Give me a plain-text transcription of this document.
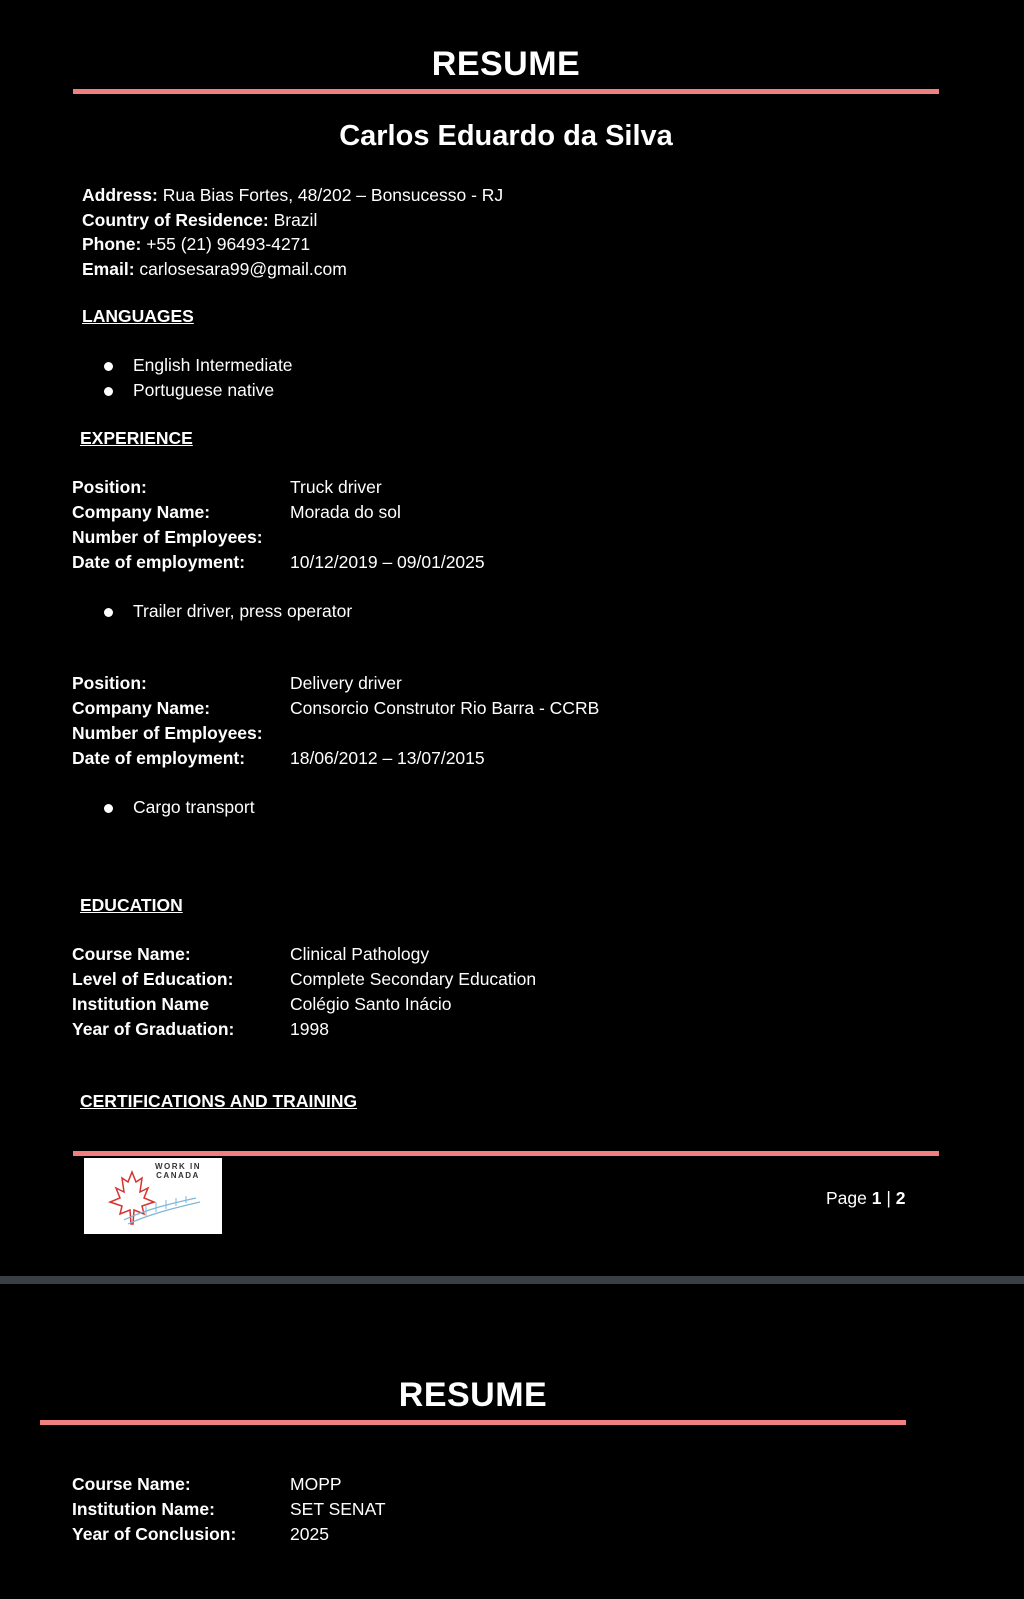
RESUME
Carlos Eduardo da Silva
Address: Rua Bias Fortes, 48/202 – Bonsucesso - RJ
Country of Residence: Brazil
Phone: +55 (21) 96493-4271
Email: carlosesara99@gmail.com
LANGUAGES
English Intermediate
Portuguese native
EXPERIENCE
Position:
Company Name:
Number of Employees:
Date of employment:
Truck driver
Morada do sol
10/12/2019 – 09/01/2025
Trailer driver, press operator
Position:
Company Name:
Number of Employees:
Date of employment:
Delivery driver
Consorcio Construtor Rio Barra - CCRB
18/06/2012 – 13/07/2015
Cargo transport
EDUCATION
Course Name:
Level of Education:
Institution Name
Year of Graduation:
Clinical Pathology
Complete Secondary Education
Colégio Santo Inácio
1998
CERTIFICATIONS AND TRAINING
WORK IN CANADA
Page 1 | 2
RESUME
Course Name:
Institution Name:
Year of Conclusion:
MOPP
SET SENAT
2025
